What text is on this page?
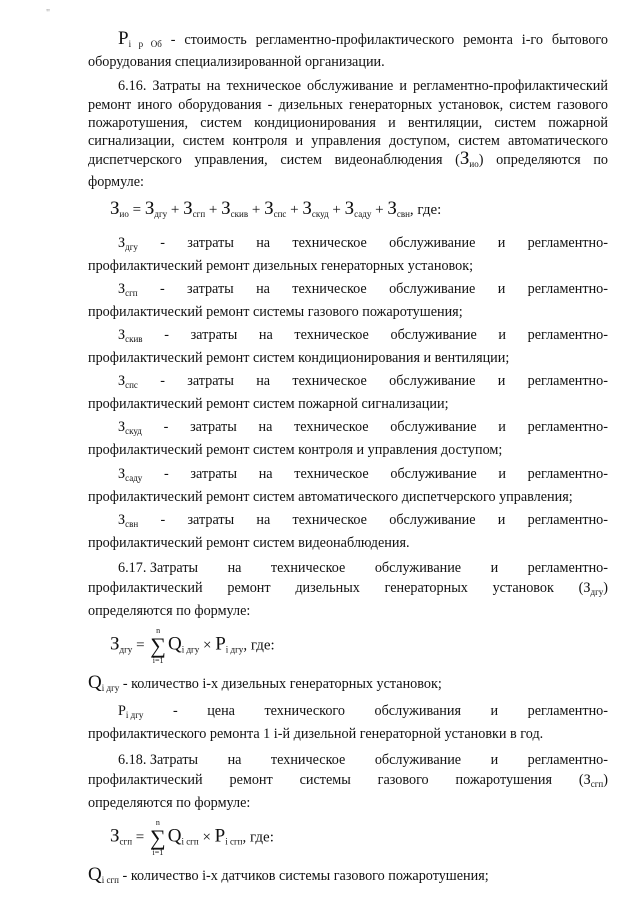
"

$P_{i р Об}$ - стоимость регламентно-профилактического ремонта i-го бытового оборудования специализированной организации.

6.16. Затраты на техническое обслуживание и регламентно-профилактический ремонт иного оборудования - дизельных генераторных установок, систем газового пожаротушения, систем кондиционирования и вентиляции, систем пожарной сигнализации, систем контроля и управления доступом, систем автоматического диспетчерского управления, систем видеонаблюдения $(З_{ио})$ определяются по формуле:

$З_{ио} = З_{дгу} + З_{сгп} + З_{скив} + З_{спс} + З_{скуд} + З_{саду} + З_{свн}$, где:
$З_{дгу}$ - затраты на техническое обслуживание и регламентно-

профилактический ремонт дизельных генераторных установок;

$З_{сгп}$ - затраты на техническое обслуживание и регламентно-

профилактический ремонт системы газового пожаротушения;

$З_{скив}$ - затраты на техническое обслуживание и регламентно-

профилактический ремонт систем кондиционирования и вентиляции;

$З_{спс}$ - затраты на техническое обслуживание и регламентно-

профилактический ремонт систем пожарной сигнализации;

$З_{скуд}$ - затраты на техническое обслуживание и регламентно-

профилактический ремонт систем контроля и управления доступом;

$З_{саду}$ - затраты на техническое обслуживание и регламентно-

профилактический ремонт систем автоматического диспетчерского управления;

$З_{свн}$ - затраты на техническое обслуживание и регламентно-

профилактический ремонт систем видеонаблюдения.

6.17. Затраты на техническое обслуживание и регламентно-
профилактический ремонт дизельных генераторных установок $(З_{дгу})$

определяются по формуле:

$З_{дгу}$ =
n
∑
i=1
$Q_{i дгу} \times P_{i дгу}$, где:

$Q_{i дгу}$ - количество i-х дизельных генераторных установок;

$P_{i дгу}$ - цена технического обслуживания и регламентно-

профилактического ремонта 1 i-й дизельной генераторной установки в год.

6.18. Затраты на техническое обслуживание и регламентно-
профилактический ремонт системы газового пожаротушения $(З_{сгп})$

определяются по формуле:

$З_{сгп}$ =
n
∑
i=1
$Q_{i сгп} \times P_{i сгп}$, где:

$Q_{i сгп}$ - количество i-х датчиков системы газового пожаротушения;
